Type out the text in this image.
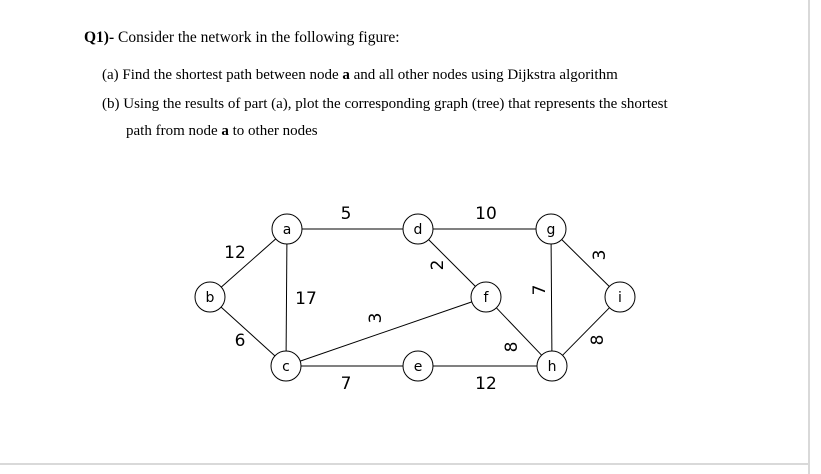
Q1)- Consider the network in the following figure:
(a) Find the shortest path between node a and all other nodes using Dijkstra algorithm
(b) Using the results of part (a), plot the corresponding graph (tree) that represents the shortest
path from node a to other nodes
5
12
17
6
7
3
2
10
12
8
7
3
8
a
b
c
d
e
f
g
h
i
